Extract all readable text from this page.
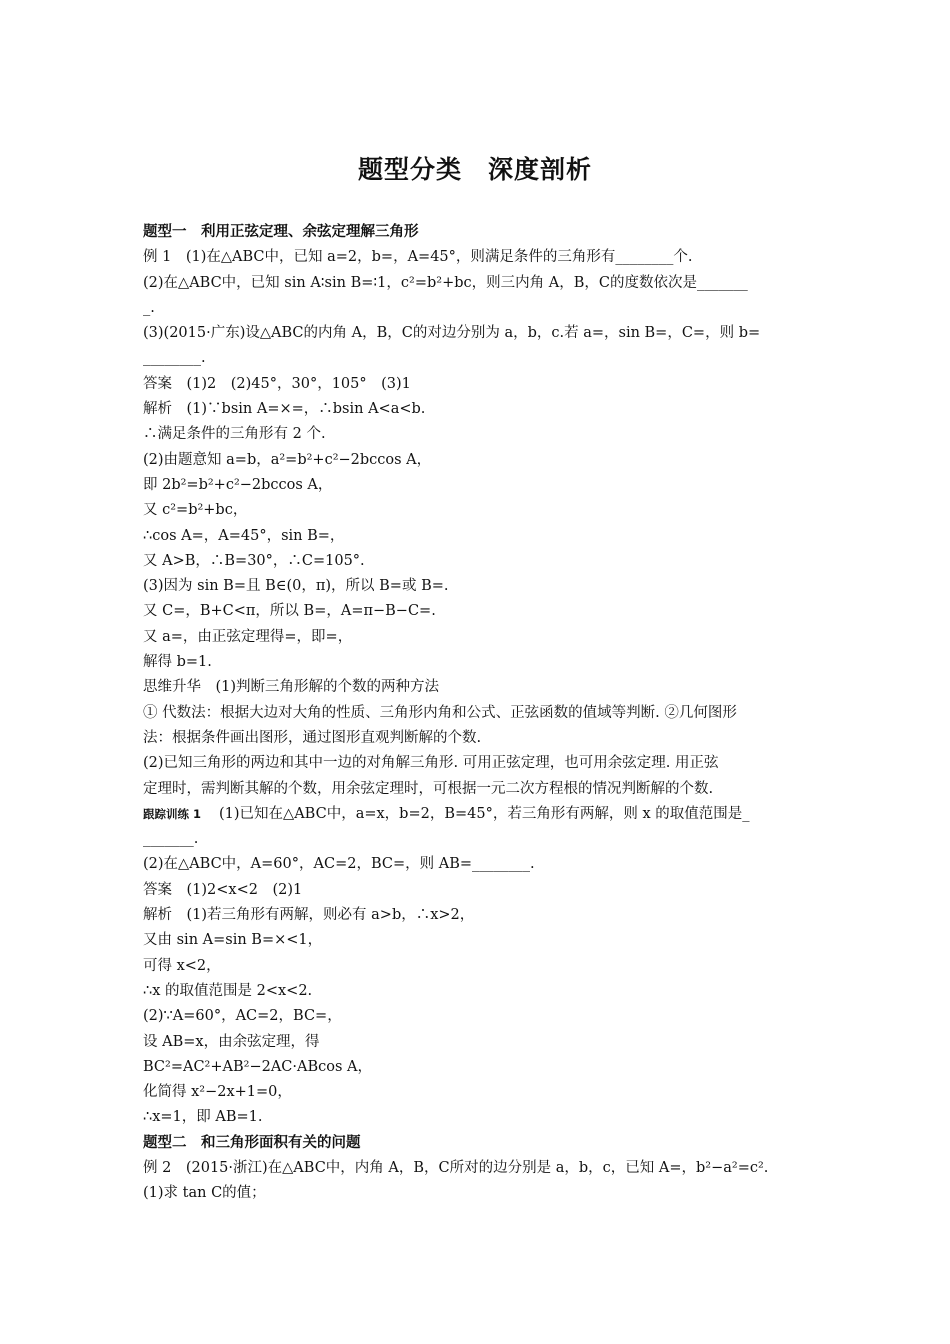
题型分类　深度剖析

题型一　利用正弦定理、余弦定理解三角形

例 1　(1)在△ABC中，已知 a=2，b=，A=45°，则满足条件的三角形有________个.

(2)在△ABC中，已知 sin A∶sin B=∶1，c²=b²+bc，则三内角 A，B，C的度数依次是_______

_.

(3)(2015·广东)设△ABC的内角 A，B，C的对边分别为 a，b，c.若 a=，sin B=，C=，则 b=

________.

答案　(1)2　(2)45°，30°，105°　(3)1

解析　(1)∵bsin A=×=，∴bsin A<a<b.

∴满足条件的三角形有 2 个.

(2)由题意知 a=b，a²=b²+c²−2bccos A，

即 2b²=b²+c²−2bccos A，

又 c²=b²+bc，

∴cos A=，A=45°，sin B=，

又 A>B，∴B=30°，∴C=105°.

(3)因为 sin B=且 B∈(0，π)，所以 B=或 B=.

又 C=，B+C<π，所以 B=，A=π−B−C=.

又 a=，由正弦定理得=，即=，

解得 b=1.

思维升华　(1)判断三角形解的个数的两种方法

① 代数法：根据大边对大角的性质、三角形内角和公式、正弦函数的值域等判断. ②几何图形

法：根据条件画出图形，通过图形直观判断解的个数.

(2)已知三角形的两边和其中一边的对角解三角形. 可用正弦定理，也可用余弦定理. 用正弦

定理时，需判断其解的个数，用余弦定理时，可根据一元二次方程根的情况判断解的个数.

跟踪训练 1 (1)已知在△ABC中，a=x，b=2，B=45°，若三角形有两解，则 x 的取值范围是_

_______.

(2)在△ABC中，A=60°，AC=2，BC=，则 AB=________.

答案　(1)2<x<2　(2)1

解析　(1)若三角形有两解，则必有 a>b，∴x>2，

又由 sin A=sin B=×<1，

可得 x<2，

∴x 的取值范围是 2<x<2.

(2)∵A=60°，AC=2，BC=，

设 AB=x，由余弦定理，得

BC²=AC²+AB²−2AC·ABcos A，

化简得 x²−2x+1=0，

∴x=1，即 AB=1.

题型二　和三角形面积有关的问题

例 2　(2015·浙江)在△ABC中，内角 A，B，C所对的边分别是 a，b，c，已知 A=，b²−a²=c².

(1)求 tan C的值；
